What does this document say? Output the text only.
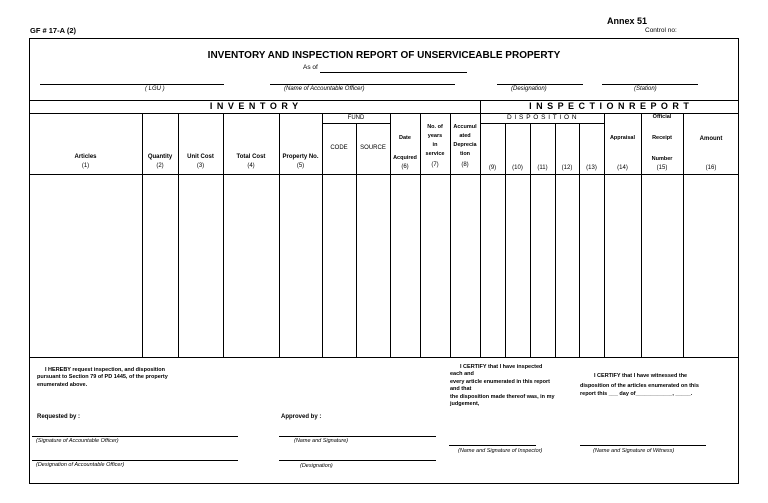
GF # 17-A (2)
Annex 51
Control no:
INVENTORY AND INSPECTION REPORT OF UNSERVICEABLE PROPERTY
As of
( LGU )	(Name of Accountable Officer)	(Designation)	(Station)
I N V E N T O R Y	I N S P E C T I O N R E P O R T
Articles
(1)
Quantity
(2)
Unit Cost
(3)
Total Cost
(4)
Property No.
(5)
FUND
CODE	SOURCE
Date
Acquired
(6)
No. of
years
in
service
(7)
Accumul
ated
Deprecia
tion
(8)
D I S P O S I T I O N
(9)	(10)	(11)	(12)	(13)
Appraisal
(14)
Official
Receipt
Number
(15)
Amount
(16)
I HEREBY request inspection, and disposition
pursuant to Section 79 of PD 1445, of the property
enumerated above.
I CERTIFY that I have inspected
each and
every article enumerated in this report
and that
the disposition made thereof was, in my
judgement,
I CERTIFY that I have witnessed the
disposition of the articles enumerated on this
report this ___ day of____________, _____.
Requested by :	Approved by :
(Signature of Accountable Officer)	(Name and Signature)
(Name and Signature of Inspector)	(Name and Signature of Witness)
(Designation of Accountable Officer)	(Designation)
